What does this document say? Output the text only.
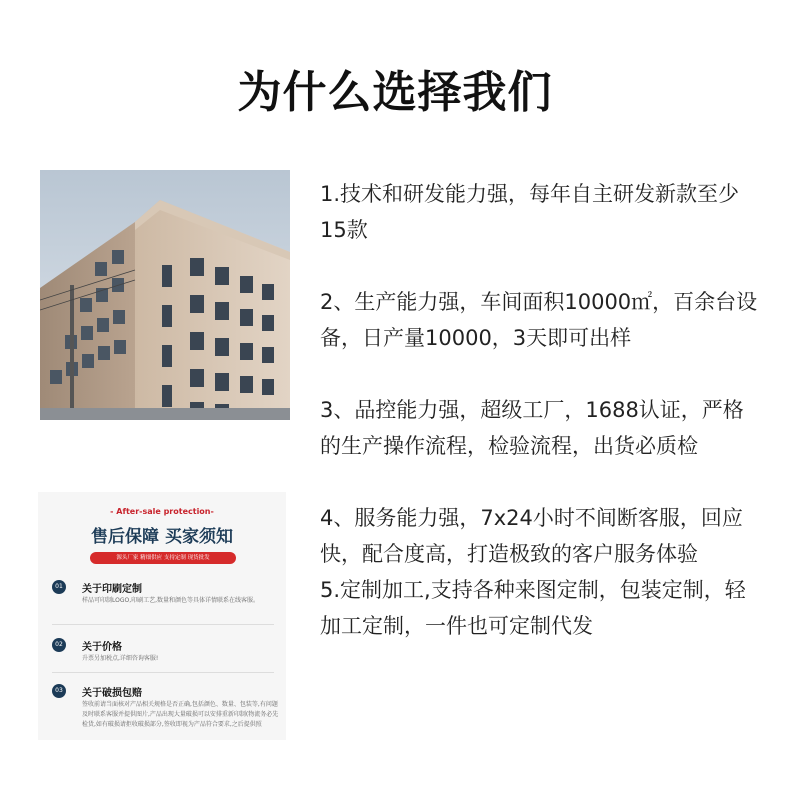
为什么选择我们
- After-sale protection-
售后保障 买家须知
源头厂家 精细供应 支持定制 现货批发
01	关于印刷定制
样品可印制LOGO,印刷工艺,数量和颜色等具体详情联系在线客服。
02	关于价格
升票另加税点,详细咨询客服!
03	关于破损包赔
签收前请当面核对产品相关规格是否正确,包括颜色、数量、包装等,有问题及时联系客服并提供图片,产品出现大量破损可以安排重新印制(物流务必先检货,如有破损请拒收破损部分,签收即视为产品符合要求,之后提供照

1.技术和研发能力强，每年自主研发新款至少15款

2、生产能力强，车间面积10000㎡，百余台设备，日产量10000，3天即可出样

3、品控能力强，超级工厂，1688认证，严格的生产操作流程，检验流程，出货必质检

4、服务能力强，7x24小时不间断客服，回应快，配合度高，打造极致的客户服务体验

5.定制加工,支持各种来图定制，包装定制，轻加工定制，一件也可定制代发
